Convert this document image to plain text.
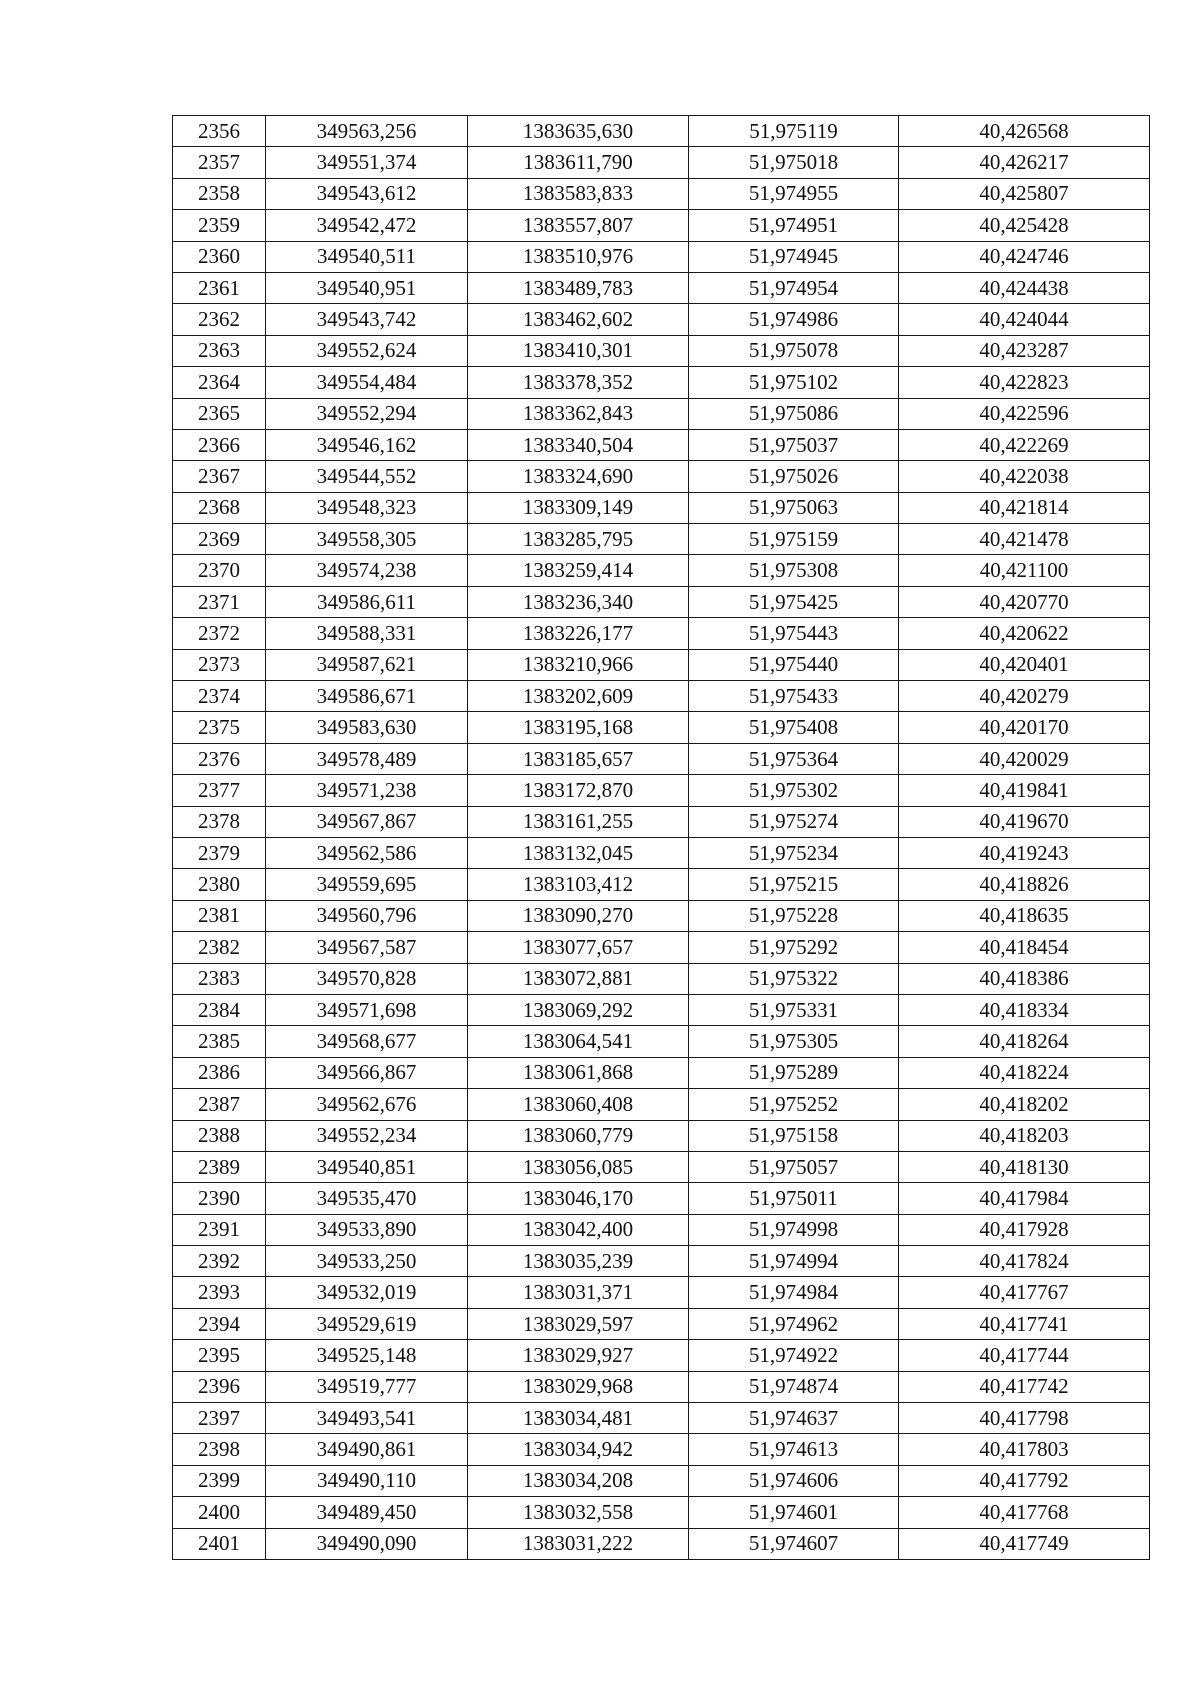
2356	349563,256	1383635,630	51,975119	40,426568
2357	349551,374	1383611,790	51,975018	40,426217
2358	349543,612	1383583,833	51,974955	40,425807
2359	349542,472	1383557,807	51,974951	40,425428
2360	349540,511	1383510,976	51,974945	40,424746
2361	349540,951	1383489,783	51,974954	40,424438
2362	349543,742	1383462,602	51,974986	40,424044
2363	349552,624	1383410,301	51,975078	40,423287
2364	349554,484	1383378,352	51,975102	40,422823
2365	349552,294	1383362,843	51,975086	40,422596
2366	349546,162	1383340,504	51,975037	40,422269
2367	349544,552	1383324,690	51,975026	40,422038
2368	349548,323	1383309,149	51,975063	40,421814
2369	349558,305	1383285,795	51,975159	40,421478
2370	349574,238	1383259,414	51,975308	40,421100
2371	349586,611	1383236,340	51,975425	40,420770
2372	349588,331	1383226,177	51,975443	40,420622
2373	349587,621	1383210,966	51,975440	40,420401
2374	349586,671	1383202,609	51,975433	40,420279
2375	349583,630	1383195,168	51,975408	40,420170
2376	349578,489	1383185,657	51,975364	40,420029
2377	349571,238	1383172,870	51,975302	40,419841
2378	349567,867	1383161,255	51,975274	40,419670
2379	349562,586	1383132,045	51,975234	40,419243
2380	349559,695	1383103,412	51,975215	40,418826
2381	349560,796	1383090,270	51,975228	40,418635
2382	349567,587	1383077,657	51,975292	40,418454
2383	349570,828	1383072,881	51,975322	40,418386
2384	349571,698	1383069,292	51,975331	40,418334
2385	349568,677	1383064,541	51,975305	40,418264
2386	349566,867	1383061,868	51,975289	40,418224
2387	349562,676	1383060,408	51,975252	40,418202
2388	349552,234	1383060,779	51,975158	40,418203
2389	349540,851	1383056,085	51,975057	40,418130
2390	349535,470	1383046,170	51,975011	40,417984
2391	349533,890	1383042,400	51,974998	40,417928
2392	349533,250	1383035,239	51,974994	40,417824
2393	349532,019	1383031,371	51,974984	40,417767
2394	349529,619	1383029,597	51,974962	40,417741
2395	349525,148	1383029,927	51,974922	40,417744
2396	349519,777	1383029,968	51,974874	40,417742
2397	349493,541	1383034,481	51,974637	40,417798
2398	349490,861	1383034,942	51,974613	40,417803
2399	349490,110	1383034,208	51,974606	40,417792
2400	349489,450	1383032,558	51,974601	40,417768
2401	349490,090	1383031,222	51,974607	40,417749
